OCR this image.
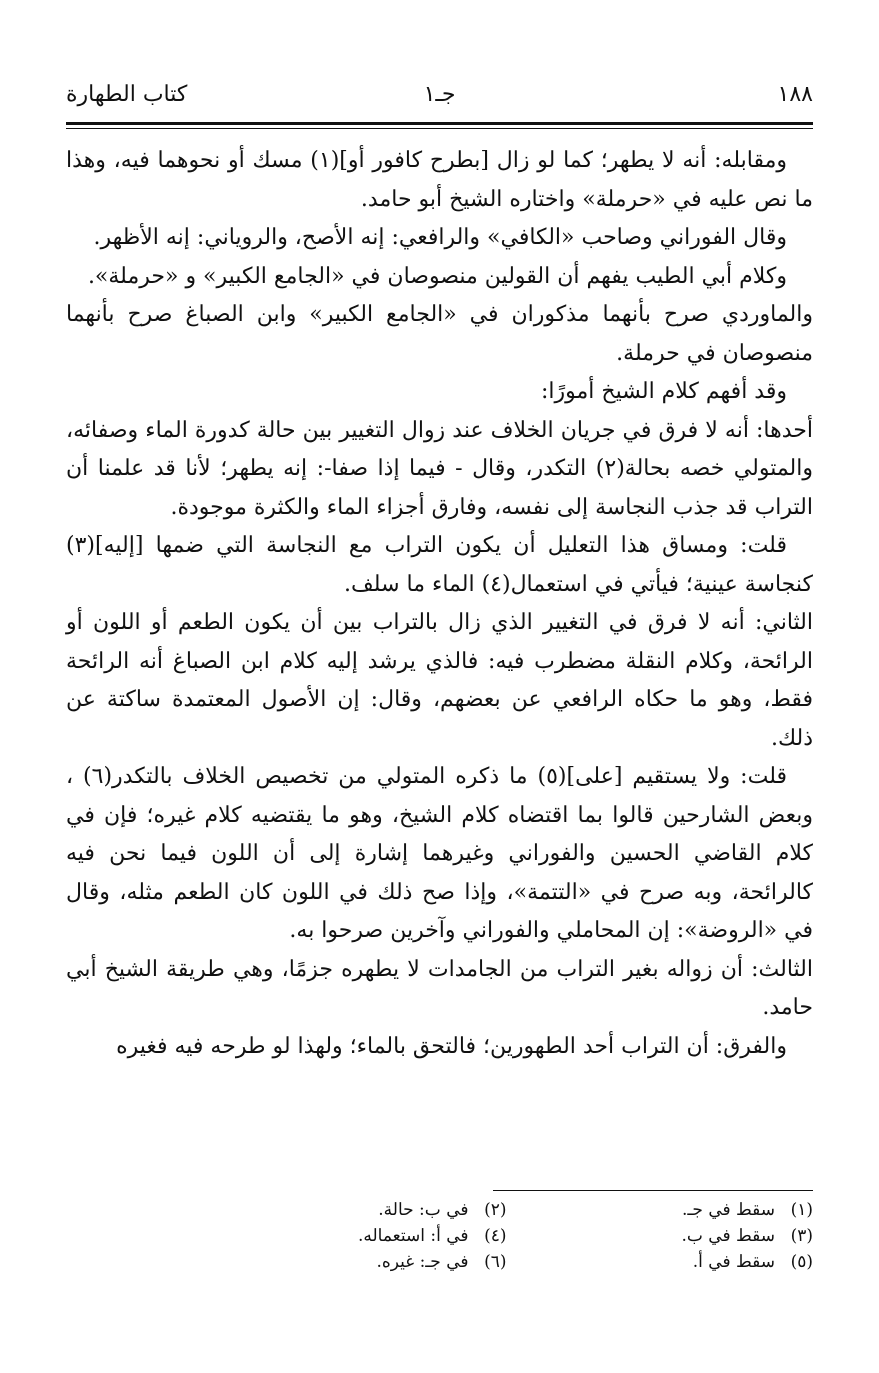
١٨٨
جـ١
كتاب الطهارة

ومقابله: أنه لا يطهر؛ كما لو زال [بطرح كافور أو](١) مسك أو نحوهما فيه، وهذا ما نص عليه في «حرملة» واختاره الشيخ أبو حامد.

وقال الفوراني وصاحب «الكافي» والرافعي: إنه الأصح، والروياني: إنه الأظهر.

وكلام أبي الطيب يفهم أن القولين منصوصان في «الجامع الكبير» و «حرملة».

والماوردي صرح بأنهما مذكوران في «الجامع الكبير» وابن الصباغ صرح بأنهما منصوصان في حرملة.

وقد أفهم كلام الشيخ أمورًا:

أحدها: أنه لا فرق في جريان الخلاف عند زوال التغيير بين حالة كدورة الماء وصفائه، والمتولي خصه بحالة(٢) التكدر، وقال - فيما إذا صفا-: إنه يطهر؛ لأنا قد علمنا أن التراب قد جذب النجاسة إلى نفسه، وفارق أجزاء الماء والكثرة موجودة.

قلت: ومساق هذا التعليل أن يكون التراب مع النجاسة التي ضمها [إليه](٣) كنجاسة عينية؛ فيأتي في استعمال(٤) الماء ما سلف.

الثاني: أنه لا فرق في التغيير الذي زال بالتراب بين أن يكون الطعم أو اللون أو الرائحة، وكلام النقلة مضطرب فيه: فالذي يرشد إليه كلام ابن الصباغ أنه الرائحة فقط، وهو ما حكاه الرافعي عن بعضهم، وقال: إن الأصول المعتمدة ساكتة عن ذلك.

قلت: ولا يستقيم [على](٥) ما ذكره المتولي من تخصيص الخلاف بالتكدر(٦) ، وبعض الشارحين قالوا بما اقتضاه كلام الشيخ، وهو ما يقتضيه كلام غيره؛ فإن في كلام القاضي الحسين والفوراني وغيرهما إشارة إلى أن اللون فيما نحن فيه كالرائحة، وبه صرح في «التتمة»، وإذا صح ذلك في اللون كان الطعم مثله، وقال في «الروضة»: إن المحاملي والفوراني وآخرين صرحوا به.

الثالث: أن زواله بغير التراب من الجامدات لا يطهره جزمًا، وهي طريقة الشيخ أبي حامد.

والفرق: أن التراب أحد الطهورين؛ فالتحق بالماء؛ ولهذا لو طرحه فيه فغيره

(١)سقط في جـ.
(٢)في ب: حالة.
(٣)سقط في ب.
(٤)في أ: استعماله.
(٥)سقط في أ.
(٦)في جـ: غيره.
